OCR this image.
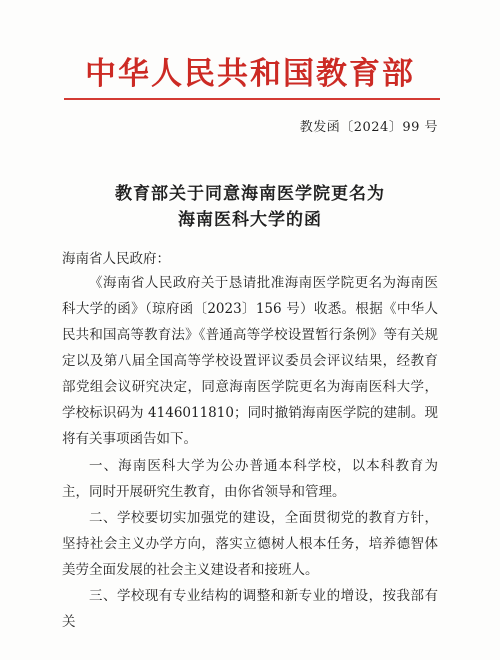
中华人民共和国教育部
教发函〔2024〕99 号
教育部关于同意海南医学院更名为
海南医科大学的函
海南省人民政府：

《海南省人民政府关于恳请批准海南医学院更名为海南医科大学的函》（琼府函〔2023〕156 号）收悉。根据《中华人民共和国高等教育法》《普通高等学校设置暂行条例》等有关规定以及第八届全国高等学校设置评议委员会评议结果，经教育部党组会议研究决定，同意海南医学院更名为海南医科大学，学校标识码为 4146011810；同时撤销海南医学院的建制。现将有关事项函告如下。

一、海南医科大学为公办普通本科学校，以本科教育为主，同时开展研究生教育，由你省领导和管理。

二、学校要切实加强党的建设，全面贯彻党的教育方针，坚持社会主义办学方向，落实立德树人根本任务，培养德智体美劳全面发展的社会主义建设者和接班人。

三、学校现有专业结构的调整和新专业的增设，按我部有关
